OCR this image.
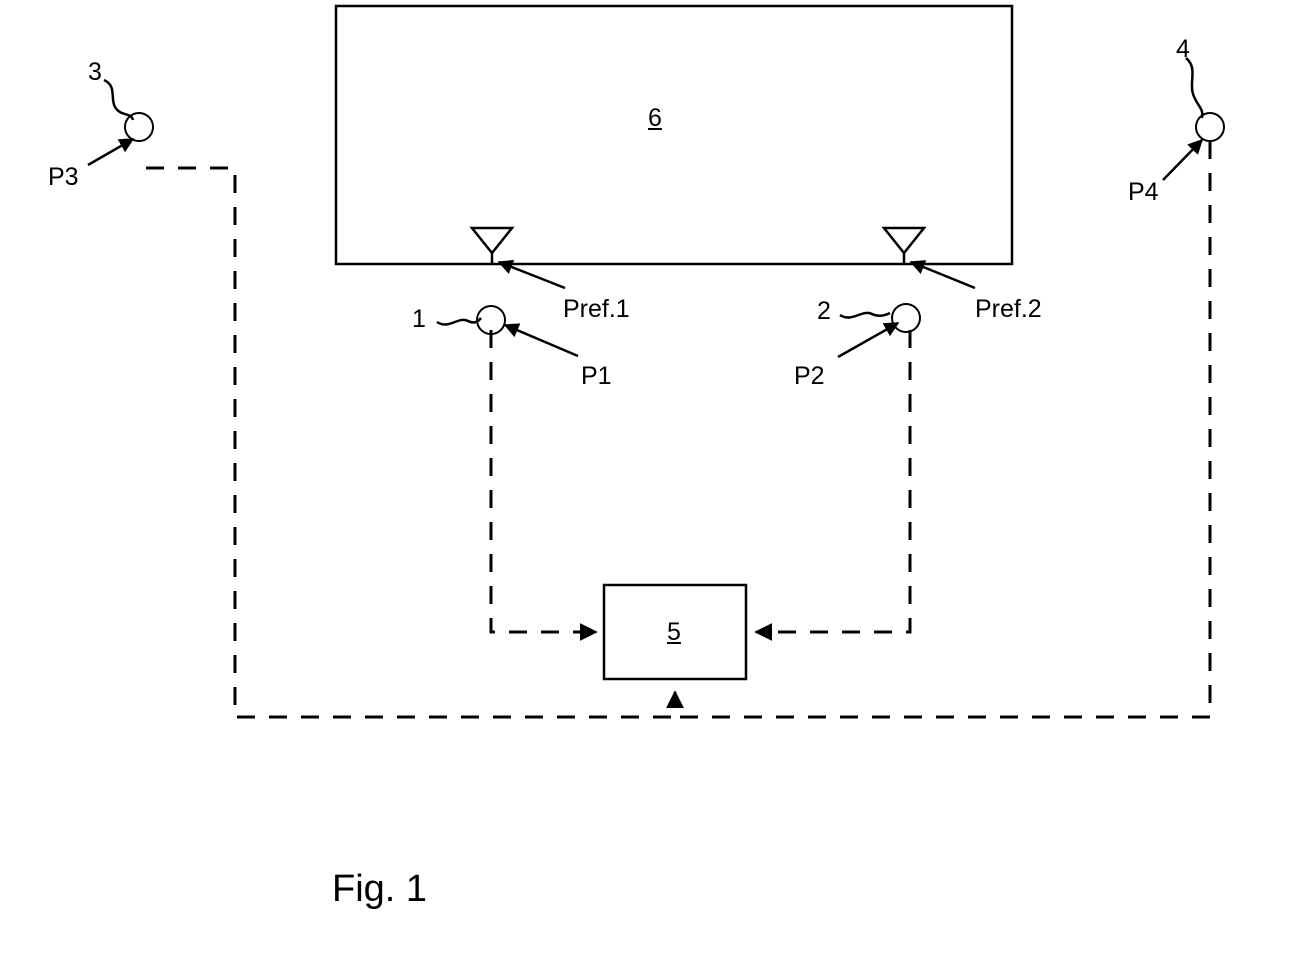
6
5
P3
P4
P1	P2
Pref.1	Pref.2
1	2
3
4
Fig. 1
